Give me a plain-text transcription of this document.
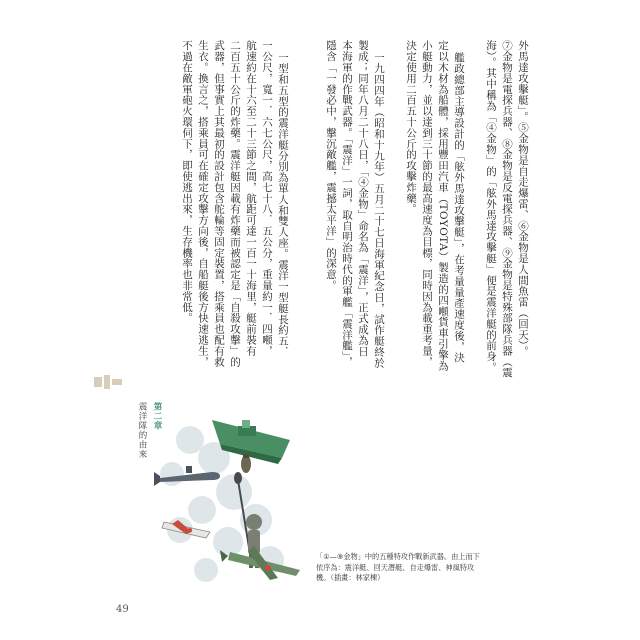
外馬達攻擊艇」。⑤金物是自走爆雷、⑥金物是人間魚雷（回天）。
⑦金物是電探兵器、⑧金物是反電探兵器、⑨金物是特殊部隊兵器（震
海）。其中稱為「④金物」的「舷外馬達攻擊艇」便是震洋艇的前身。
艦政總部主導設計的「舷外馬達攻擊艇」，在考量量產速度後，決
定以木材為船體，採用豐田汽車（TOYOTA）製造的四噸貨車引擎為
小艇動力，並以達到三十節的最高速度為目標，同時因為載重考量，
決定使用二百五十公斤的攻擊炸藥。
一九四四年（昭和十九年）五月二十七日海軍紀念日，試作艇終於
製成；同年八月二十八日，「④金物」命名為「震洋」，正式成為日
本海軍的作戰武器。「震洋」一詞，取自明治時代的軍艦「震洋艦」，
隱含「一發必中，擊沉敵艦，震撼太平洋」的深意。
一型和五型的震洋艇分別為單人和雙人座。震洋一型艇長約五．
一公尺，寬一．六七公尺，高七十八．五公分，重量約一．四噸，
航速約在十六至二十三節之間，航距可達一百一十海里，艇前裝有
二百五十公斤的炸藥。震洋艇因載有炸藥而被認定是「自殺攻擊」的
武器，但事實上其最初的設計包含舵輪等固定裝置，搭乘員也配有救
生衣。換言之，搭乘員可在確定攻擊方向後，自船艇後方快速逃生，
不過在敵軍砲火環伺下，即使逃出來，生存機率也非常低。
第二章
震洋隊的由來
「①—⑨金物」中的五種特攻作戰新武器。由上而下依序為：震洋艇、回天潛艇、自走爆雷、神風特攻機。（插畫：林家棟）
49
